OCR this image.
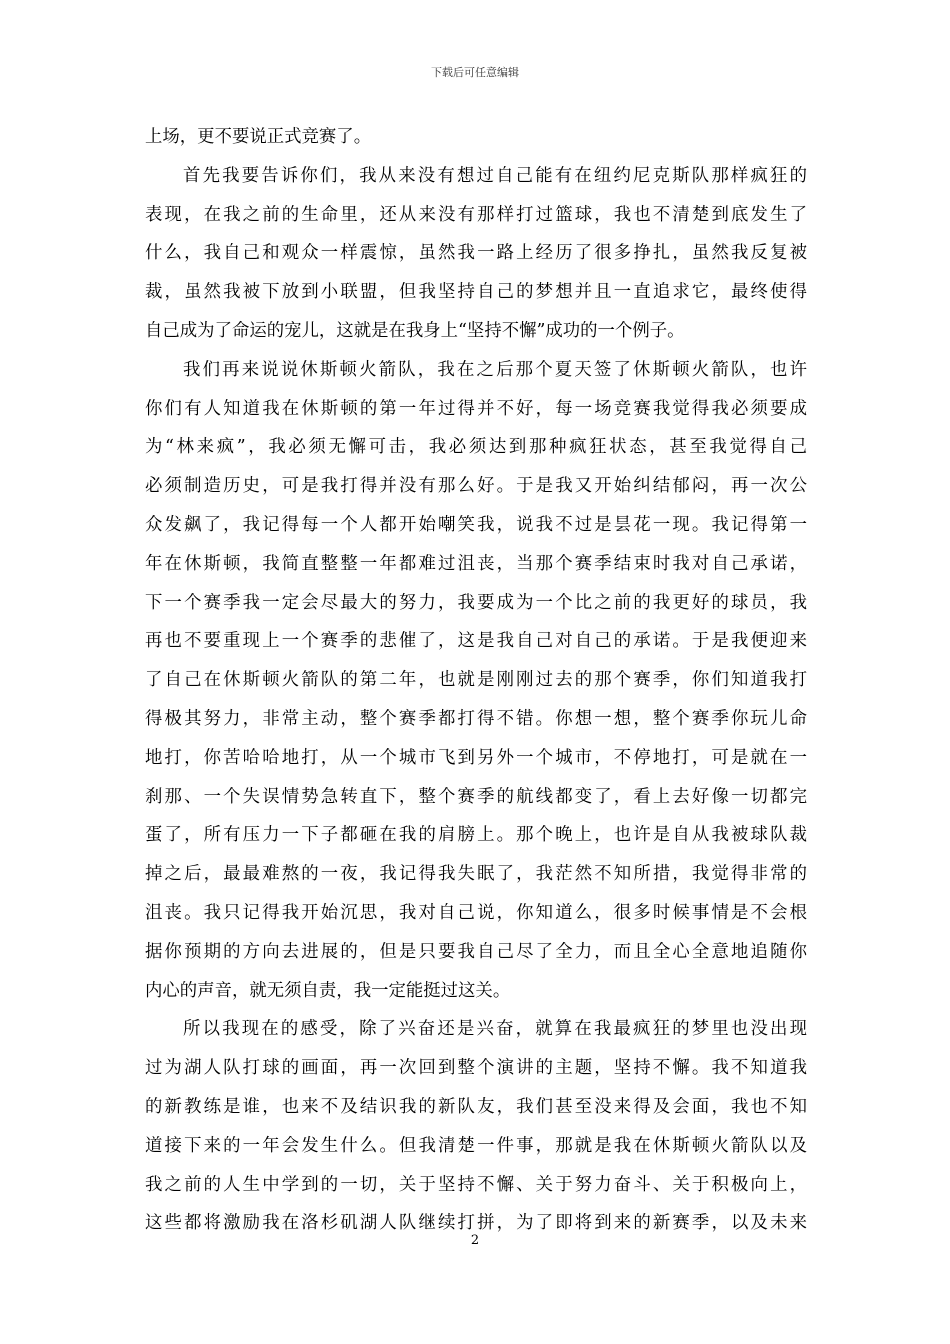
下载后可任意编辑
上场，更不要说正式竞赛了。
首先我要告诉你们，我从来没有想过自己能有在纽约尼克斯队那样疯狂的
表现，在我之前的生命里，还从来没有那样打过篮球，我也不清楚到底发生了
什么，我自己和观众一样震惊，虽然我一路上经历了很多挣扎，虽然我反复被
裁，虽然我被下放到小联盟，但我坚持自己的梦想并且一直追求它，最终使得
自己成为了命运的宠儿，这就是在我身上“坚持不懈”成功的一个例子。
我们再来说说休斯顿火箭队，我在之后那个夏天签了休斯顿火箭队，也许
你们有人知道我在休斯顿的第一年过得并不好，每一场竞赛我觉得我必须要成
为“林来疯”，我必须无懈可击，我必须达到那种疯狂状态，甚至我觉得自己
必须制造历史，可是我打得并没有那么好。于是我又开始纠结郁闷，再一次公
众发飙了，我记得每一个人都开始嘲笑我，说我不过是昙花一现。我记得第一
年在休斯顿，我简直整整一年都难过沮丧，当那个赛季结束时我对自己承诺，
下一个赛季我一定会尽最大的努力，我要成为一个比之前的我更好的球员，我
再也不要重现上一个赛季的悲催了，这是我自己对自己的承诺。于是我便迎来
了自己在休斯顿火箭队的第二年，也就是刚刚过去的那个赛季，你们知道我打
得极其努力，非常主动，整个赛季都打得不错。你想一想，整个赛季你玩儿命
地打，你苦哈哈地打，从一个城市飞到另外一个城市，不停地打，可是就在一
刹那、一个失误情势急转直下，整个赛季的航线都变了，看上去好像一切都完
蛋了，所有压力一下子都砸在我的肩膀上。那个晚上，也许是自从我被球队裁
掉之后，最最难熬的一夜，我记得我失眠了，我茫然不知所措，我觉得非常的
沮丧。我只记得我开始沉思，我对自己说，你知道么，很多时候事情是不会根
据你预期的方向去进展的，但是只要我自己尽了全力，而且全心全意地追随你
内心的声音，就无须自责，我一定能挺过这关。
所以我现在的感受，除了兴奋还是兴奋，就算在我最疯狂的梦里也没出现
过为湖人队打球的画面，再一次回到整个演讲的主题，坚持不懈。我不知道我
的新教练是谁，也来不及结识我的新队友，我们甚至没来得及会面，我也不知
道接下来的一年会发生什么。但我清楚一件事，那就是我在休斯顿火箭队以及
我之前的人生中学到的一切，关于坚持不懈、关于努力奋斗、关于积极向上，
这些都将激励我在洛杉矶湖人队继续打拼，为了即将到来的新赛季，以及未来
2
